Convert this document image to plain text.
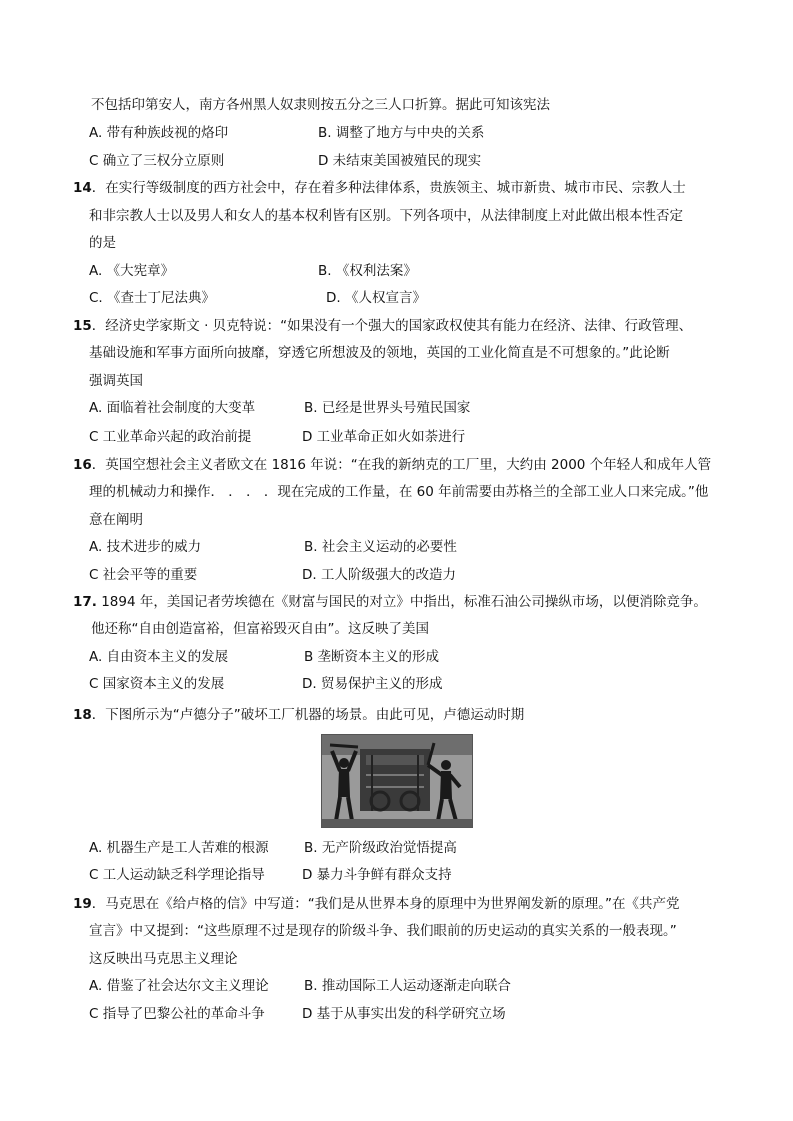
不包括印第安人，南方各州黑人奴隶则按五分之三人口折算。据此可知该宪法
A. 带有种族歧视的烙印	B. 调整了地方与中央的关系
C 确立了三权分立原则	D 未结束美国被殖民的现实
14．在实行等级制度的西方社会中，存在着多种法律体系，贵族领主、城市新贵、城市市民、宗教人士
和非宗教人士以及男人和女人的基本权利皆有区别。下列各项中，从法律制度上对此做出根本性否定
的是
A. 《大宪章》	B. 《权利法案》
C. 《查士丁尼法典》	D. 《人权宣言》
15．经济史学家斯文 · 贝克特说：“如果没有一个强大的国家政权使其有能力在经济、法律、行政管理、
基础设施和军事方面所向披靡，穿透它所想波及的领地，英国的工业化简直是不可想象的。”此论断
强调英国
A. 面临着社会制度的大变革	B. 已经是世界头号殖民国家
C 工业革命兴起的政治前提	D 工业革命正如火如荼进行
16．英国空想社会主义者欧文在 1816 年说：“在我的新纳克的工厂里，大约由 2000 个年轻人和成年人管
理的机械动力和操作． ． ． ．现在完成的工作量，在 60 年前需要由苏格兰的全部工业人口来完成。”他
意在阐明
A. 技术进步的威力	B. 社会主义运动的必要性
C 社会平等的重要	D. 工人阶级强大的改造力
17. 1894 年，美国记者劳埃德在《财富与国民的对立》中指出，标准石油公司操纵市场，以便消除竞争。
他还称“自由创造富裕，但富裕毁灭自由”。这反映了美国
A. 自由资本主义的发展	B 垄断资本主义的形成
C 国家资本主义的发展	D. 贸易保护主义的形成
18．下图所示为“卢德分子”破坏工厂机器的场景。由此可见，卢德运动时期
A. 机器生产是工人苦难的根源	B. 无产阶级政治觉悟提高
C 工人运动缺乏科学理论指导	D 暴力斗争鲜有群众支持
19．马克思在《给卢格的信》中写道：“我们是从世界本身的原理中为世界阐发新的原理。”在《共产党
宣言》中又提到：“这些原理不过是现存的阶级斗争、我们眼前的历史运动的真实关系的一般表现。”
这反映出马克思主义理论
A. 借鉴了社会达尔文主义理论	B. 推动国际工人运动逐渐走向联合
C 指导了巴黎公社的革命斗争	D 基于从事实出发的科学研究立场
